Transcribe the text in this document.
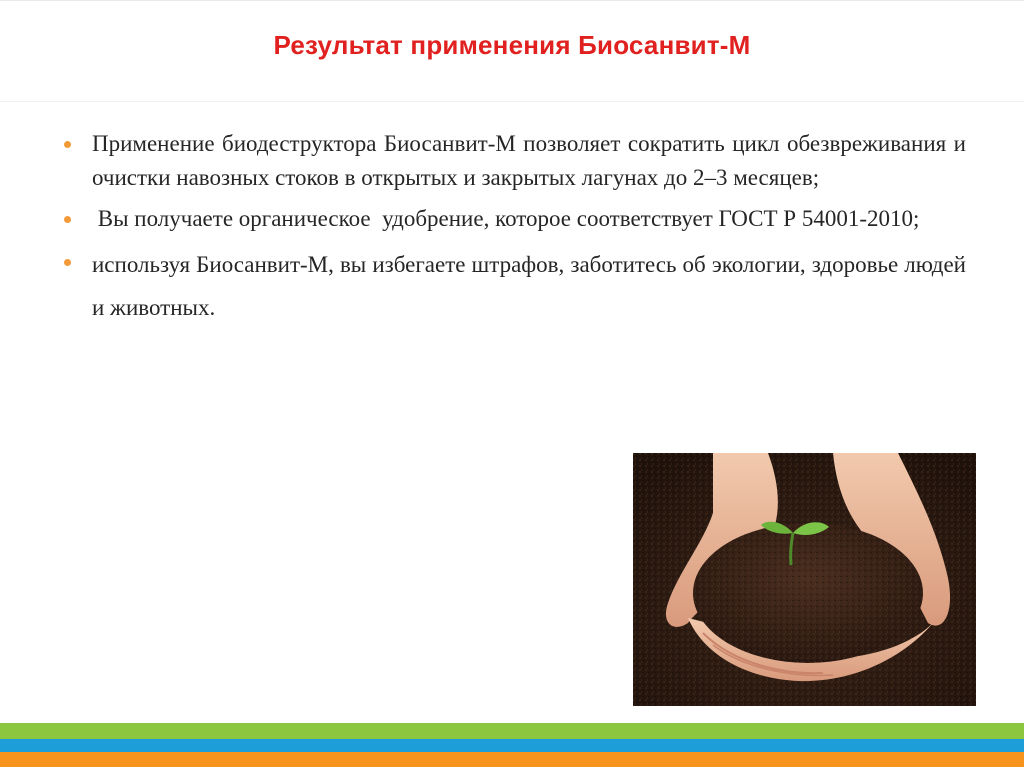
Результат применения Биосанвит-М
Применение биодеструктора Биосанвит-М позволяет сократить цикл обезвреживания и очистки навозных стоков в открытых и закрытых лагунах до 2–3 месяцев;
Вы получаете органическое  удобрение, которое соответствует ГОСТ Р 54001-2010;
используя Биосанвит-М, вы избегаете штрафов, заботитесь об экологии, здоровье людей и животных.
